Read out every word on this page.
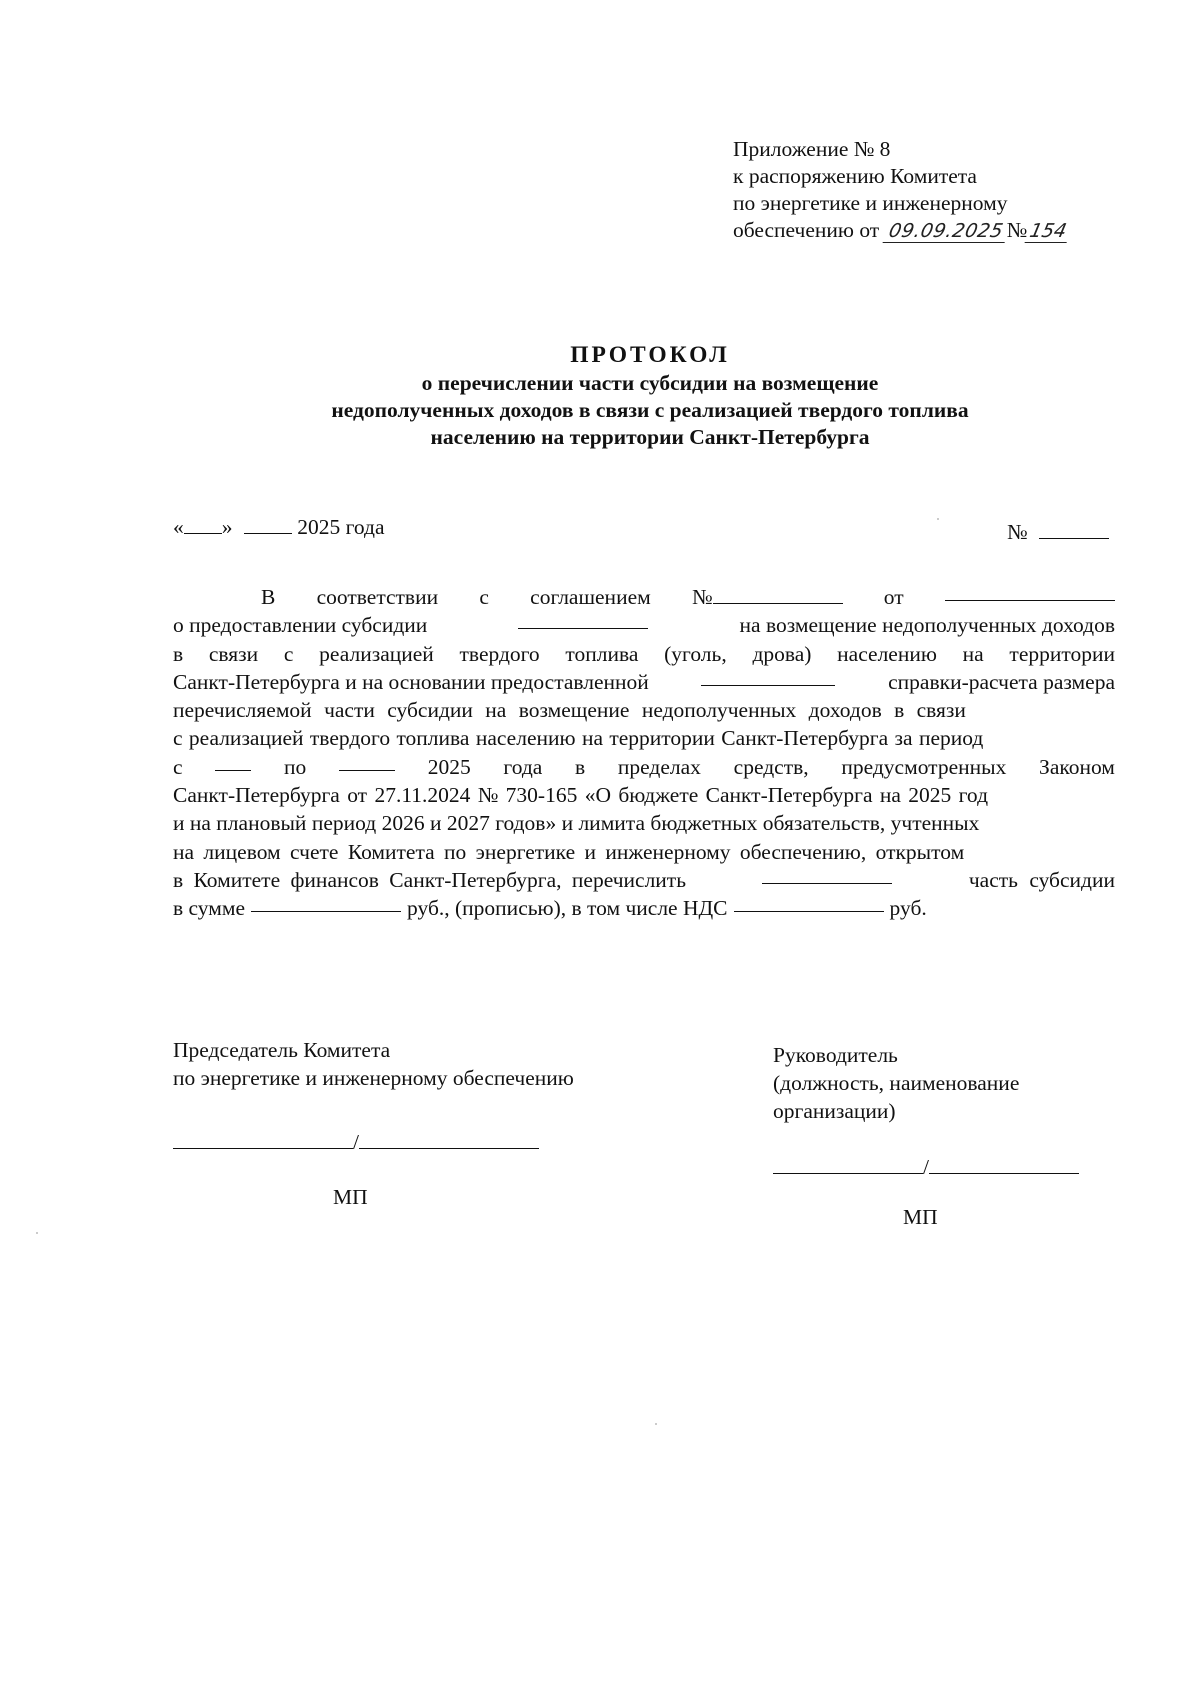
Приложение № 8
к распоряжению Комитета
по энергетике и инженерному
обеспечению от 09.09.2025№154
ПРОТОКОЛ
о перечислении части субсидии на возмещение
недополученных доходов в связи с реализацией твердого топлива
населению на территории Санкт-Петербурга
« »	2025 года	№
В соответствии с соглашением №	от
о предоставлении субсидии	на возмещение недополученных доходов
в связи с реализацией твердого топлива (уголь, дрова) населению на территории
Санкт-Петербурга и на основании предоставленной	справки-расчета размера
перечисляемой части субсидии на возмещение недополученных доходов в связи
с реализацией твердого топлива населению на территории Санкт-Петербурга за период
с	по	2025 года в пределах средств, предусмотренных Законом
Санкт-Петербурга от 27.11.2024 № 730-165 «О бюджете Санкт-Петербурга на 2025 год
и на плановый период 2026 и 2027 годов» и лимита бюджетных обязательств, учтенных
на лицевом счете Комитета по энергетике и инженерному обеспечению, открытом
в Комитете финансов Санкт-Петербурга, перечислить	часть субсидии
в сумме	руб., (прописью), в том числе НДС	руб.
Председатель Комитета
по энергетике и инженерному обеспечению
/
МП
Руководитель
(должность, наименование
организации)
/
МП
